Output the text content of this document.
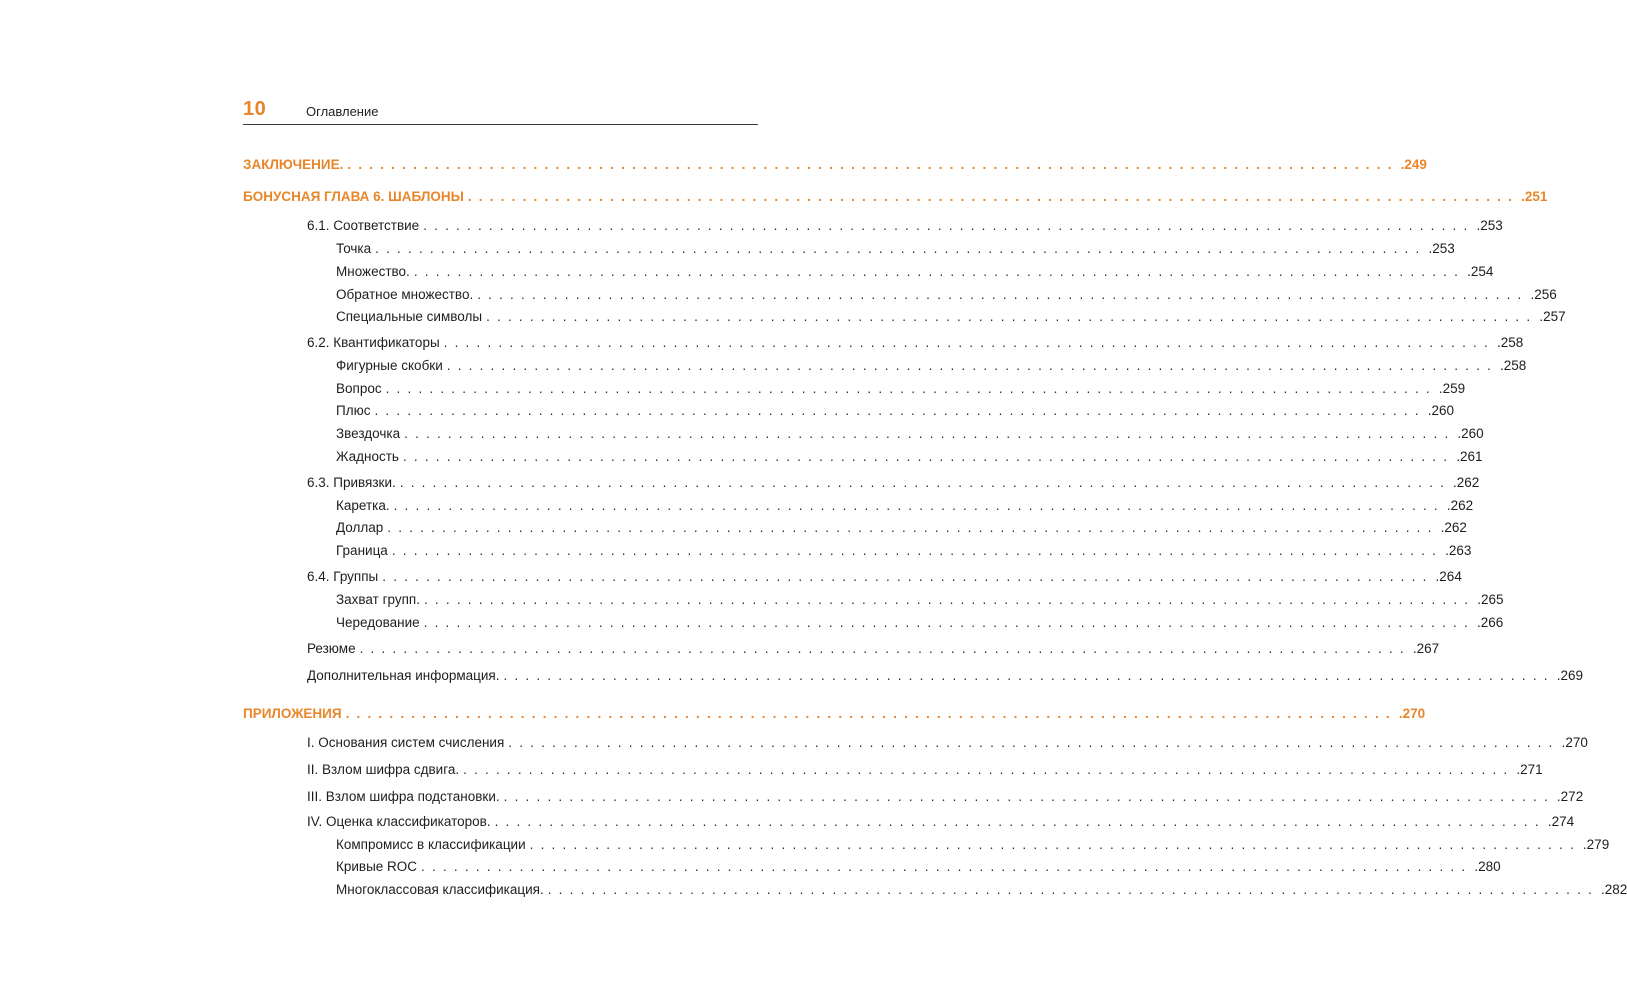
10	Оглавление
ЗАКЛЮЧЕНИЕ. ................................................................................................ .249
БОНУСНАЯ ГЛАВА 6. ШАБЛОНЫ ................................................................................................ .251
6.1. Соответствие ................................................................................................ .253
Точка ................................................................................................ .253
Множество. ................................................................................................ .254
Обратное множество. ................................................................................................ .256
Специальные символы ................................................................................................ .257
6.2. Квантификаторы ................................................................................................ .258
Фигурные скобки ................................................................................................ .258
Вопрос ................................................................................................ .259
Плюс ................................................................................................ .260
Звездочка ................................................................................................ .260
Жадность ................................................................................................ .261
6.3. Привязки. ................................................................................................ .262
Каретка. ................................................................................................ .262
Доллар ................................................................................................ .262
Граница ................................................................................................ .263
6.4. Группы ................................................................................................ .264
Захват групп. ................................................................................................ .265
Чередование ................................................................................................ .266
Резюме ................................................................................................ .267
Дополнительная информация. ................................................................................................ .269
ПРИЛОЖЕНИЯ ................................................................................................ .270
I. Основания систем счисления ................................................................................................ .270
II. Взлом шифра сдвига. ................................................................................................ .271
III. Взлом шифра подстановки. ................................................................................................ .272
IV. Оценка классификаторов. ................................................................................................ .274
Компромисс в классификации ................................................................................................ .279
Кривые ROC ................................................................................................ .280
Многоклассовая классификация. ................................................................................................ .282
